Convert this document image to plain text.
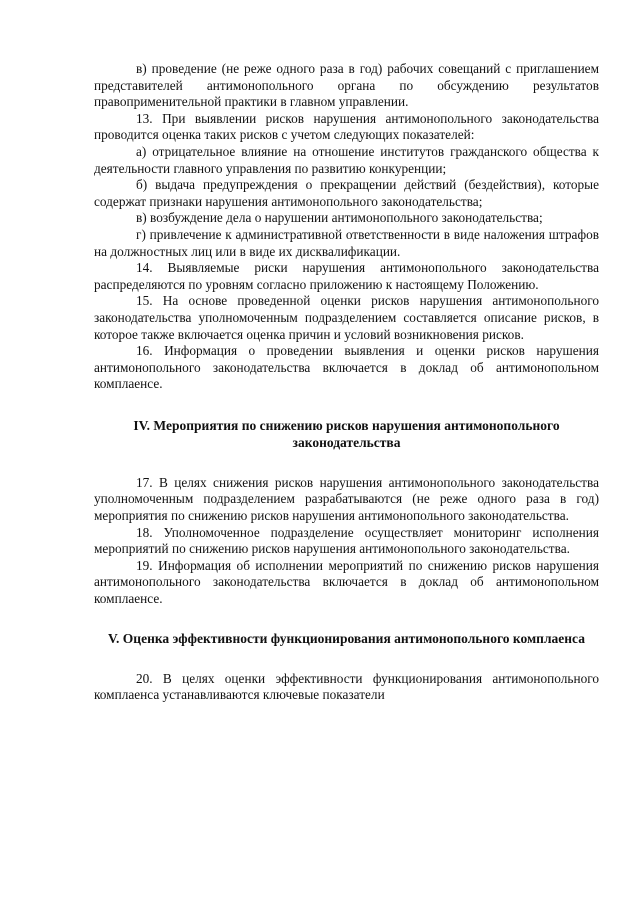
в) проведение (не реже одного раза в год) рабочих совещаний с приглашением представителей антимонопольного органа по обсуждению результатов правоприменительной практики в главном управлении.

13. При выявлении рисков нарушения антимонопольного законодательства проводится оценка таких рисков с учетом следующих показателей:

а) отрицательное влияние на отношение институтов гражданского общества к деятельности главного управления по развитию конкуренции;

б) выдача предупреждения о прекращении действий (бездействия), которые содержат признаки нарушения антимонопольного законодательства;

в) возбуждение дела о нарушении антимонопольного законодательства;

г) привлечение к административной ответственности в виде наложения штрафов на должностных лиц или в виде их дисквалификации.

14. Выявляемые риски нарушения антимонопольного законодательства распределяются по уровням согласно приложению к настоящему Положению.

15. На основе проведенной оценки рисков нарушения антимонопольного законодательства уполномоченным подразделением составляется описание рисков, в которое также включается оценка причин и условий возникновения рисков.

16. Информация о проведении выявления и оценки рисков нарушения антимонопольного законодательства включается в доклад об антимонопольном комплаенсе.

IV. Мероприятия по снижению рисков нарушения антимонопольного законодательства

17. В целях снижения рисков нарушения антимонопольного законодательства уполномоченным подразделением разрабатываются (не реже одного раза в год) мероприятия по снижению рисков нарушения антимонопольного законодательства.

18. Уполномоченное подразделение осуществляет мониторинг исполнения мероприятий по снижению рисков нарушения антимонопольного законодательства.

19. Информация об исполнении мероприятий по снижению рисков нарушения антимонопольного законодательства включается в доклад об антимонопольном комплаенсе.

V. Оценка эффективности функционирования антимонопольного комплаенса

20. В целях оценки эффективности функционирования антимонопольного комплаенса устанавливаются ключевые показатели
